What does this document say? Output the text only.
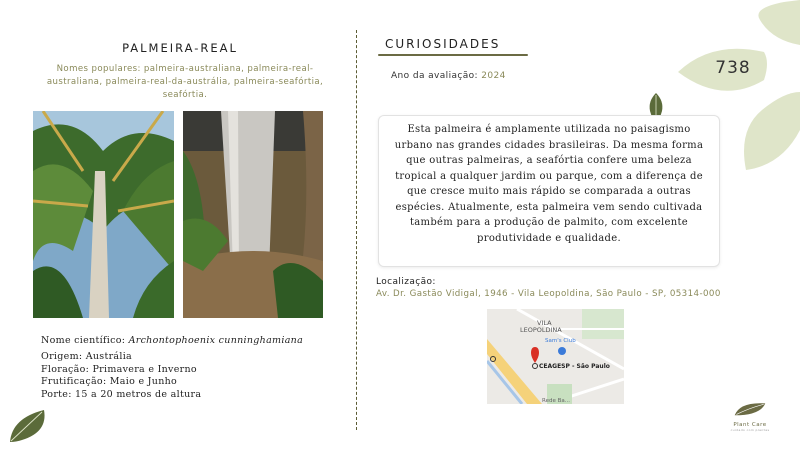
PALMEIRA-REAL
Nomes populares: palmeira-australiana, palmeira-real-australiana, palmeira-real-da-austrália, palmeira-seafórtia, seafórtia.
Nome científico: Archontophoenix cunninghamiana
Origem: Austrália
Floração: Primavera e Inverno
Frutificação: Maio e Junho
Porte: 15 a 20 metros de altura
CURIOSIDADES
Ano da avaliação: 2024	738
Esta palmeira é amplamente utilizada no paisagismo urbano nas grandes cidades brasileiras. Da mesma forma que outras palmeiras, a seafórtia confere uma beleza tropical a qualquer jardim ou parque, com a diferença de que cresce muito mais rápido se comparada a outras espécies. Atualmente, esta palmeira vem sendo cultivada também para a produção de palmito, com excelente produtividade e qualidade.
Localização:
Av. Dr. Gastão Vidigal, 1946 - Vila Leopoldina, São Paulo - SP, 05314-000
VILA
LEOPOLDINA
Sam's Club
CEAGESP - São Paulo
Rede Ba...
Plant Care
cuidado com plantas
